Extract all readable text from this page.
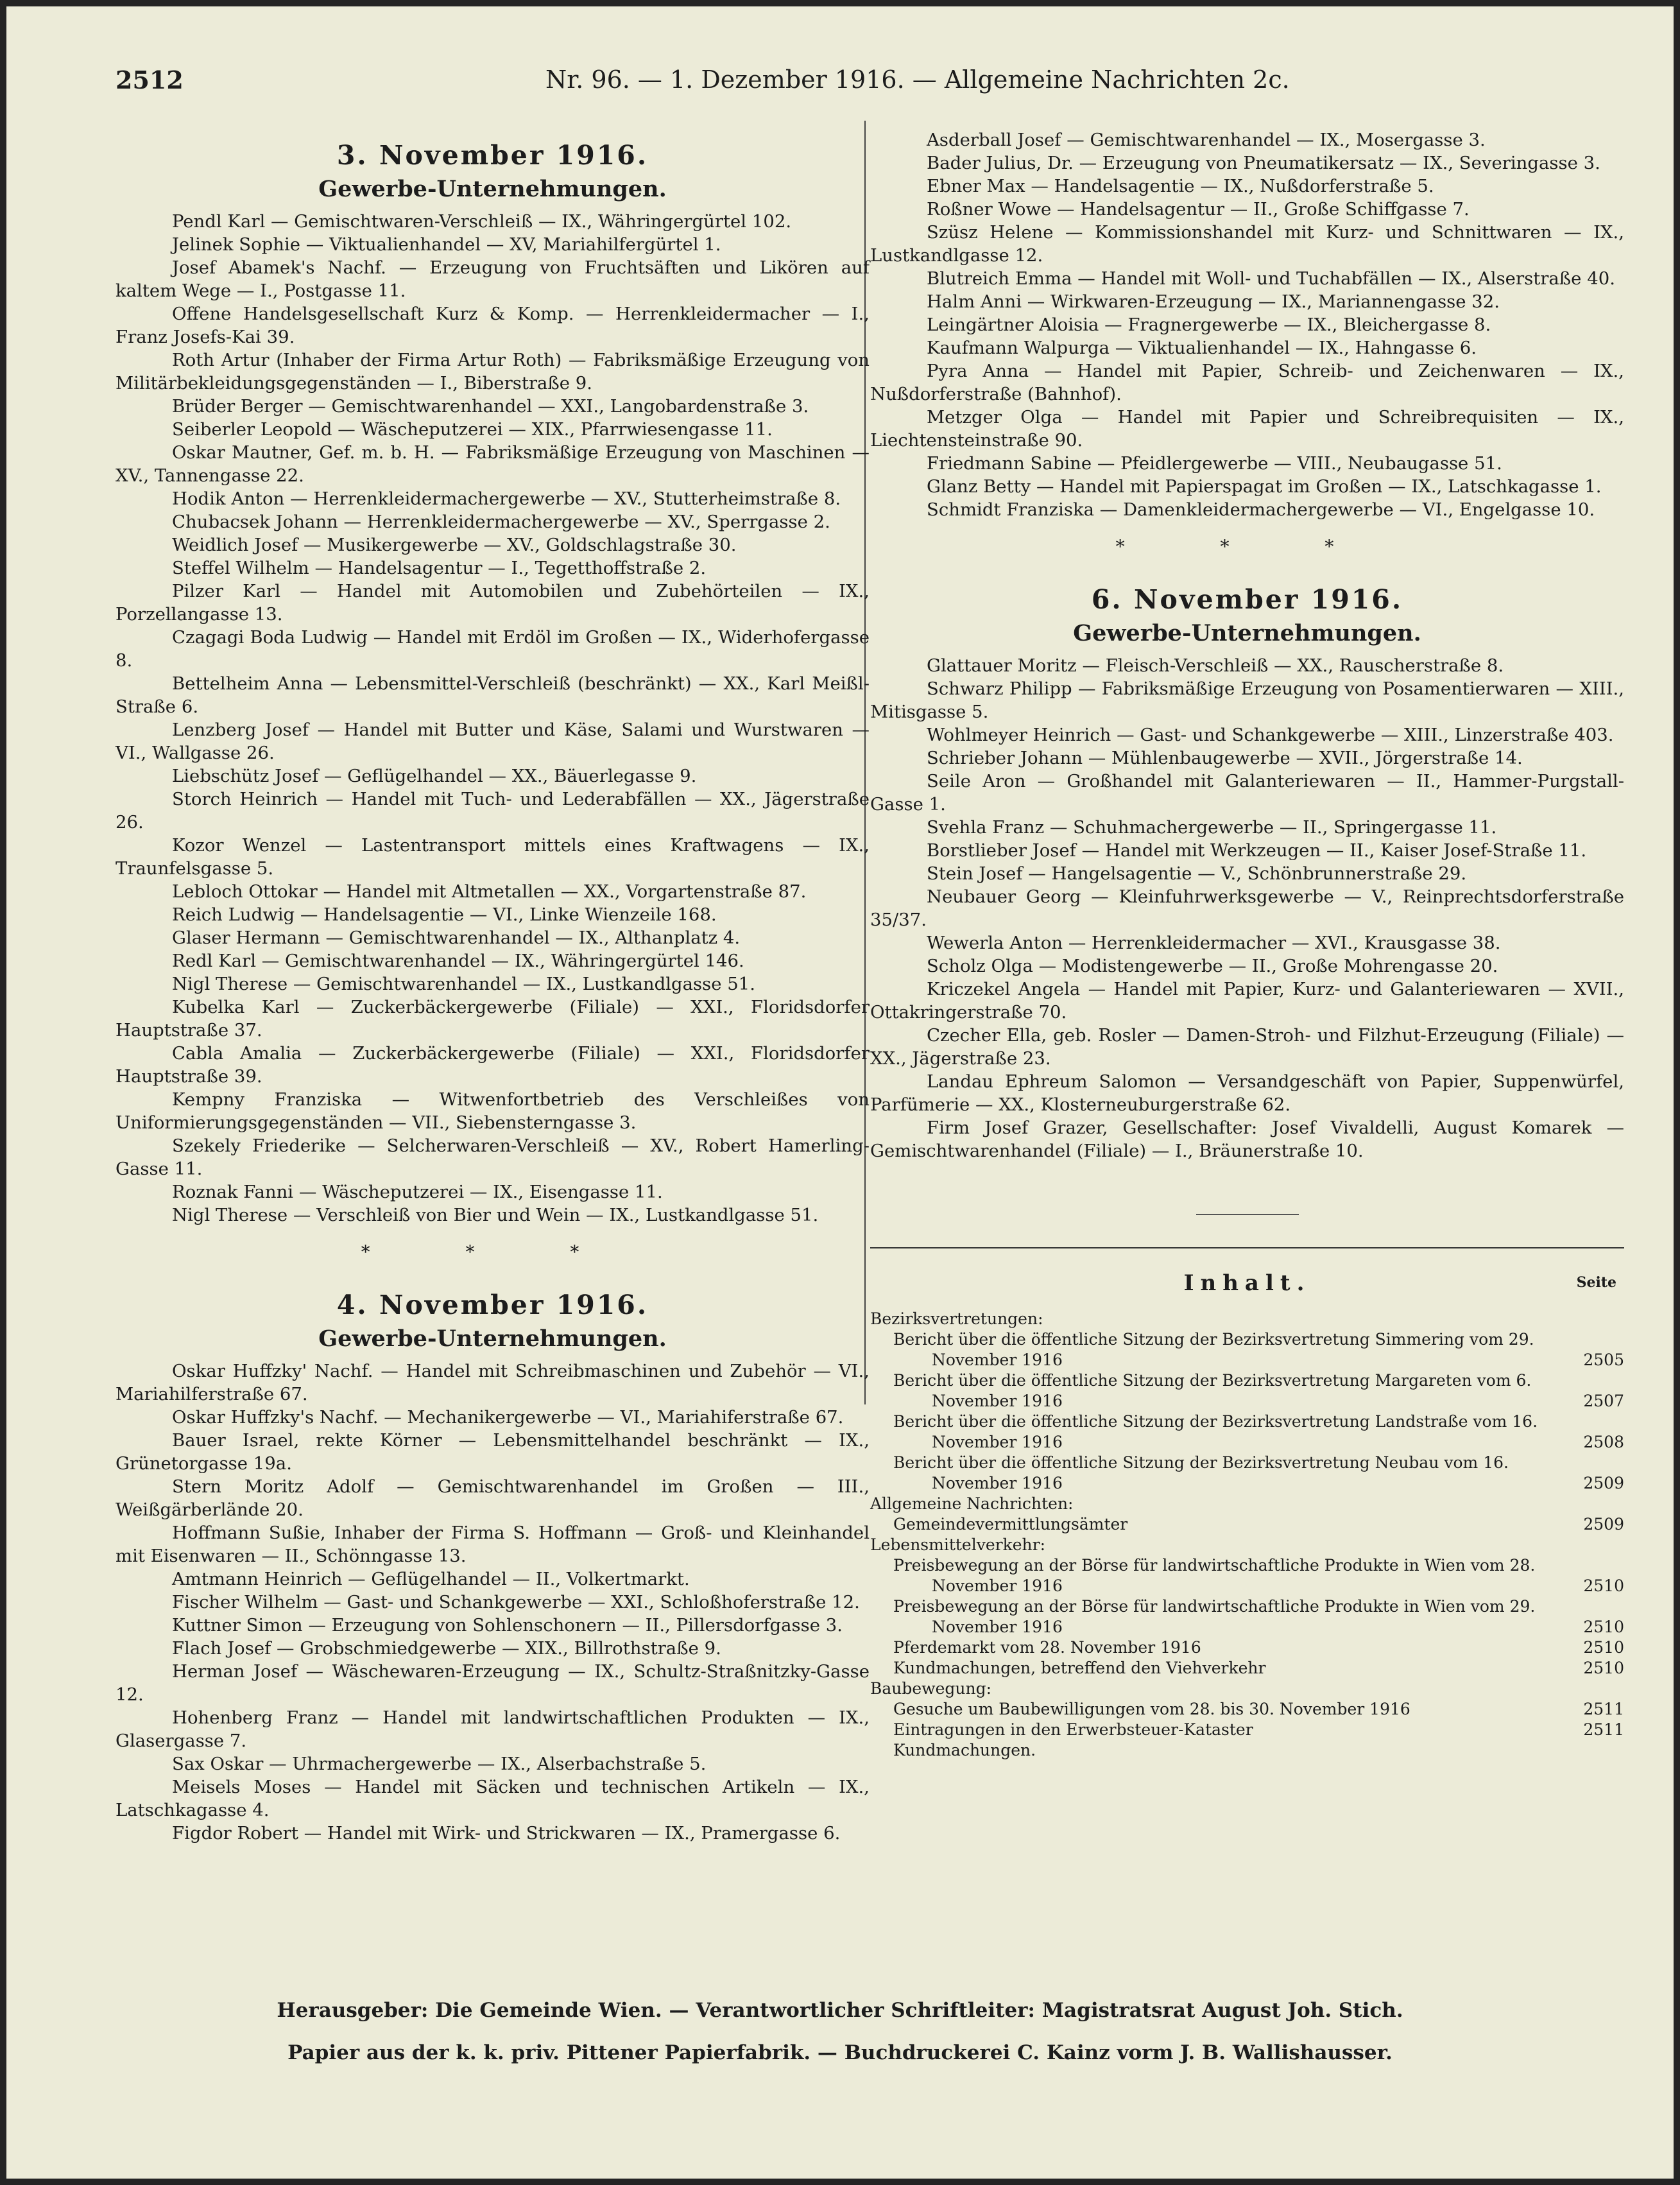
2512	Nr. 96. — 1. Dezember 1916. — Allgemeine Nachrichten 2c.
3. November 1916.
Gewerbe-Unternehmungen.

Pendl Karl — Gemischtwaren-Verschleiß — IX., Währingergürtel 102.

Jelinek Sophie — Viktualienhandel — XV, Mariahilfergürtel 1.

Josef Abamek's Nachf. — Erzeugung von Fruchtsäften und Likören auf kaltem Wege — I., Postgasse 11.

Offene Handelsgesellschaft Kurz & Komp. — Herrenkleidermacher — I., Franz Josefs-Kai 39.

Roth Artur (Inhaber der Firma Artur Roth) — Fabriksmäßige Erzeugung von Militärbekleidungsgegenständen — I., Biberstraße 9.

Brüder Berger — Gemischtwarenhandel — XXI., Langobardenstraße 3.

Seiberler Leopold — Wäscheputzerei — XIX., Pfarrwiesengasse 11.

Oskar Mautner, Gef. m. b. H. — Fabriksmäßige Erzeugung von Maschinen — XV., Tannengasse 22.

Hodik Anton — Herrenkleidermachergewerbe — XV., Stutterheimstraße 8.

Chubacsek Johann — Herrenkleidermachergewerbe — XV., Sperrgasse 2.

Weidlich Josef — Musikergewerbe — XV., Goldschlagstraße 30.

Steffel Wilhelm — Handelsagentur — I., Tegetthoffstraße 2.

Pilzer Karl — Handel mit Automobilen und Zubehörteilen — IX., Porzellangasse 13.

Czagagi Boda Ludwig — Handel mit Erdöl im Großen — IX., Widerhofergasse 8.

Bettelheim Anna — Lebensmittel-Verschleiß (beschränkt) — XX., Karl Meißl-Straße 6.

Lenzberg Josef — Handel mit Butter und Käse, Salami und Wurstwaren — VI., Wallgasse 26.

Liebschütz Josef — Geflügelhandel — XX., Bäuerlegasse 9.

Storch Heinrich — Handel mit Tuch- und Lederabfällen — XX., Jägerstraße 26.

Kozor Wenzel — Lastentransport mittels eines Kraftwagens — IX., Traunfelsgasse 5.

Lebloch Ottokar — Handel mit Altmetallen — XX., Vorgartenstraße 87.

Reich Ludwig — Handelsagentie — VI., Linke Wienzeile 168.

Glaser Hermann — Gemischtwarenhandel — IX., Althanplatz 4.

Redl Karl — Gemischtwarenhandel — IX., Währingergürtel 146.

Nigl Therese — Gemischtwarenhandel — IX., Lustkandlgasse 51.

Kubelka Karl — Zuckerbäckergewerbe (Filiale) — XXI., Floridsdorfer Hauptstraße 37.

Cabla Amalia — Zuckerbäckergewerbe (Filiale) — XXI., Floridsdorfer Hauptstraße 39.

Kempny Franziska — Witwenfortbetrieb des Verschleißes von Uniformierungsgegenständen — VII., Siebensterngasse 3.

Szekely Friederike — Selcherwaren-Verschleiß — XV., Robert Hamerling-Gasse 11.

Roznak Fanni — Wäscheputzerei — IX., Eisengasse 11.

Nigl Therese — Verschleiß von Bier und Wein — IX., Lustkandlgasse 51.

* * *
4. November 1916.
Gewerbe-Unternehmungen.

Oskar Huffzky' Nachf. — Handel mit Schreibmaschinen und Zubehör — VI., Mariahilferstraße 67.

Oskar Huffzky's Nachf. — Mechanikergewerbe — VI., Mariahiferstraße 67.

Bauer Israel, rekte Körner — Lebensmittelhandel beschränkt — IX., Grünetorgasse 19a.

Stern Moritz Adolf — Gemischtwarenhandel im Großen — III., Weißgärberlände 20.

Hoffmann Sußie, Inhaber der Firma S. Hoffmann — Groß- und Kleinhandel mit Eisenwaren — II., Schönngasse 13.

Amtmann Heinrich — Geflügelhandel — II., Volkertmarkt.

Fischer Wilhelm — Gast- und Schankgewerbe — XXI., Schloßhoferstraße 12.

Kuttner Simon — Erzeugung von Sohlenschonern — II., Pillersdorfgasse 3.

Flach Josef — Grobschmiedgewerbe — XIX., Billrothstraße 9.

Herman Josef — Wäschewaren-Erzeugung — IX., Schultz-Straßnitzky-Gasse 12.

Hohenberg Franz — Handel mit landwirtschaftlichen Produkten — IX., Glasergasse 7.

Sax Oskar — Uhrmachergewerbe — IX., Alserbachstraße 5.

Meisels Moses — Handel mit Säcken und technischen Artikeln — IX., Latschkagasse 4.

Figdor Robert — Handel mit Wirk- und Strickwaren — IX., Pramergasse 6.

Asderball Josef — Gemischtwarenhandel — IX., Mosergasse 3.

Bader Julius, Dr. — Erzeugung von Pneumatikersatz — IX., Severingasse 3.

Ebner Max — Handelsagentie — IX., Nußdorferstraße 5.

Roßner Wowe — Handelsagentur — II., Große Schiffgasse 7.

Szüsz Helene — Kommissionshandel mit Kurz- und Schnittwaren — IX., Lustkandlgasse 12.

Blutreich Emma — Handel mit Woll- und Tuchabfällen — IX., Alserstraße 40.

Halm Anni — Wirkwaren-Erzeugung — IX., Mariannengasse 32.

Leingärtner Aloisia — Fragnergewerbe — IX., Bleichergasse 8.

Kaufmann Walpurga — Viktualienhandel — IX., Hahngasse 6.

Pyra Anna — Handel mit Papier, Schreib- und Zeichenwaren — IX., Nußdorferstraße (Bahnhof).

Metzger Olga — Handel mit Papier und Schreibrequisiten — IX., Liechtensteinstraße 90.

Friedmann Sabine — Pfeidlergewerbe — VIII., Neubaugasse 51.

Glanz Betty — Handel mit Papierspagat im Großen — IX., Latschkagasse 1.

Schmidt Franziska — Damenkleidermachergewerbe — VI., Engelgasse 10.

* * *
6. November 1916.
Gewerbe-Unternehmungen.

Glattauer Moritz — Fleisch-Verschleiß — XX., Rauscherstraße 8.

Schwarz Philipp — Fabriksmäßige Erzeugung von Posamentierwaren — XIII., Mitisgasse 5.

Wohlmeyer Heinrich — Gast- und Schankgewerbe — XIII., Linzerstraße 403.

Schrieber Johann — Mühlenbaugewerbe — XVII., Jörgerstraße 14.

Seile Aron — Großhandel mit Galanteriewaren — II., Hammer-Purgstall-Gasse 1.

Svehla Franz — Schuhmachergewerbe — II., Springergasse 11.

Borstlieber Josef — Handel mit Werkzeugen — II., Kaiser Josef-Straße 11.

Stein Josef — Hangelsagentie — V., Schönbrunnerstraße 29.

Neubauer Georg — Kleinfuhrwerksgewerbe — V., Reinprechtsdorferstraße 35/37.

Wewerla Anton — Herrenkleidermacher — XVI., Krausgasse 38.

Scholz Olga — Modistengewerbe — II., Große Mohrengasse 20.

Kriczekel Angela — Handel mit Papier, Kurz- und Galanteriewaren — XVII., Ottakringerstraße 70.

Czecher Ella, geb. Rosler — Damen-Stroh- und Filzhut-Erzeugung (Filiale) — XX., Jägerstraße 23.

Landau Ephreum Salomon — Versandgeschäft von Papier, Suppenwürfel, Parfümerie — XX., Klosterneuburgerstraße 62.

Firm Josef Grazer, Gesellschafter: Josef Vivaldelli, August Komarek — Gemischtwarenhandel (Filiale) — I., Bräunerstraße 10.

Inhalt.	Seite
Bezirksvertretungen:
Bericht über die öffentliche Sitzung der Bezirksvertretung Simmering vom 29. November 1916	2505
Bericht über die öffentliche Sitzung der Bezirksvertretung Margareten vom 6. November 1916	2507
Bericht über die öffentliche Sitzung der Bezirksvertretung Landstraße vom 16. November 1916	2508
Bericht über die öffentliche Sitzung der Bezirksvertretung Neubau vom 16. November 1916	2509
Allgemeine Nachrichten:
Gemeindevermittlungsämter	2509
Lebensmittelverkehr:
Preisbewegung an der Börse für landwirtschaftliche Produkte in Wien vom 28. November 1916	2510
Preisbewegung an der Börse für landwirtschaftliche Produkte in Wien vom 29. November 1916	2510
Pferdemarkt vom 28. November 1916	2510
Kundmachungen, betreffend den Viehverkehr	2510
Baubewegung:
Gesuche um Baubewilligungen vom 28. bis 30. November 1916	2511
Eintragungen in den Erwerbsteuer-Kataster	2511
Kundmachungen.
Herausgeber: Die Gemeinde Wien. — Verantwortlicher Schriftleiter: Magistratsrat August Joh. Stich.
Papier aus der k. k. priv. Pittener Papierfabrik. — Buchdruckerei C. Kainz vorm J. B. Wallishausser.
